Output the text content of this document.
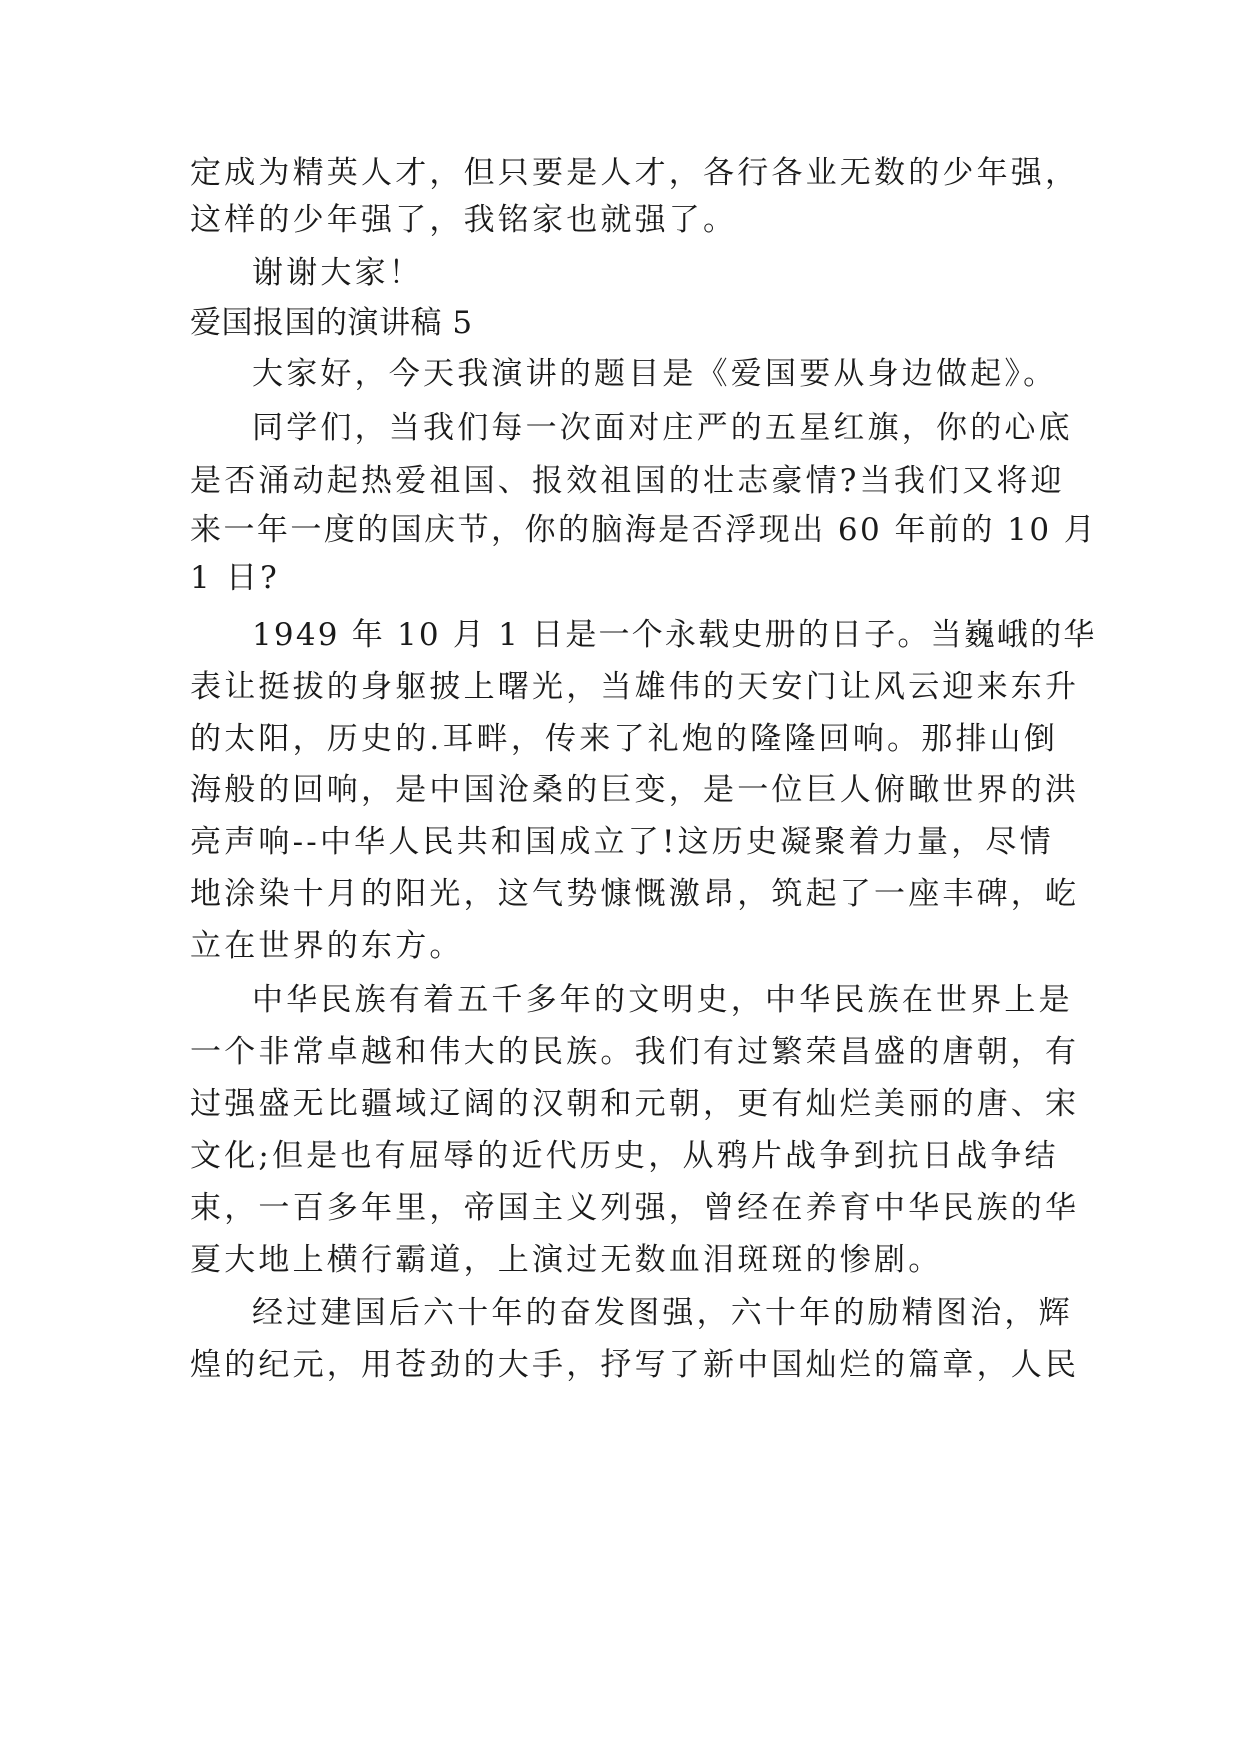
定成为精英人才，但只要是人才，各行各业无数的少年强，
这样的少年强了，我铭家也就强了。
谢谢大家！
爱国报国的演讲稿 5
大家好，今天我演讲的题目是《爱国要从身边做起》。
同学们，当我们每一次面对庄严的五星红旗，你的心底
是否涌动起热爱祖国、报效祖国的壮志豪情?当我们又将迎
来一年一度的国庆节，你的脑海是否浮现出 60 年前的 10 月
1 日?
1949 年 10 月 1 日是一个永载史册的日子。当巍峨的华
表让挺拔的身躯披上曙光，当雄伟的天安门让风云迎来东升
的太阳，历史的.耳畔，传来了礼炮的隆隆回响。那排山倒
海般的回响，是中国沧桑的巨变，是一位巨人俯瞰世界的洪
亮声响--中华人民共和国成立了!这历史凝聚着力量，尽情
地涂染十月的阳光，这气势慷慨激昂，筑起了一座丰碑，屹
立在世界的东方。
中华民族有着五千多年的文明史，中华民族在世界上是
一个非常卓越和伟大的民族。我们有过繁荣昌盛的唐朝，有
过强盛无比疆域辽阔的汉朝和元朝，更有灿烂美丽的唐、宋
文化;但是也有屈辱的近代历史，从鸦片战争到抗日战争结
束，一百多年里，帝国主义列强，曾经在养育中华民族的华
夏大地上横行霸道，上演过无数血泪斑斑的惨剧。
经过建国后六十年的奋发图强，六十年的励精图治，辉
煌的纪元，用苍劲的大手，抒写了新中国灿烂的篇章，人民
